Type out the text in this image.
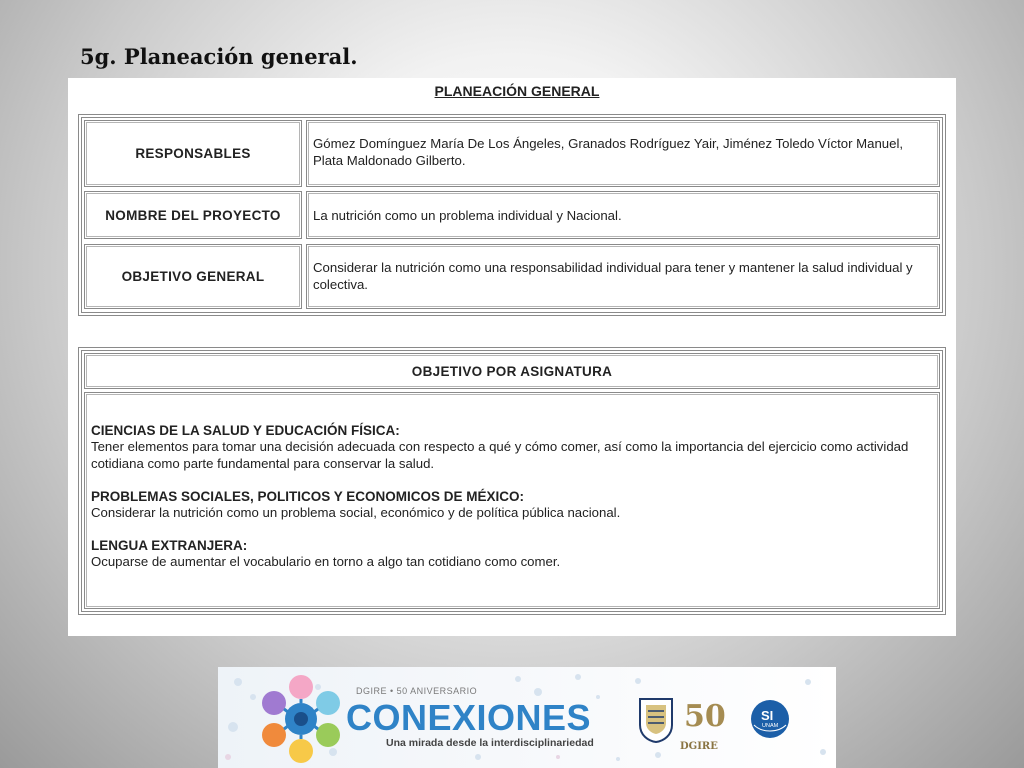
5g. Planeación general.
PLANEACIÓN GENERAL
RESPONSABLES
Gómez Domínguez María De Los Ángeles, Granados Rodríguez Yair, Jiménez Toledo Víctor Manuel, Plata Maldonado Gilberto.
NOMBRE DEL PROYECTO La nutrición como un problema individual y Nacional.
OBJETIVO GENERAL
Considerar la nutrición como una responsabilidad individual para tener y mantener la salud individual y colectiva.
OBJETIVO POR ASIGNATURA
CIENCIAS DE LA SALUD Y EDUCACIÓN FÍSICA:
Tener elementos para tomar una decisión adecuada con respecto a qué y cómo comer, así como la importancia del ejercicio como actividad cotidiana como parte fundamental para conservar la salud.
PROBLEMAS SOCIALES, POLITICOS Y ECONOMICOS DE MÉXICO:
Considerar la nutrición como un problema social, económico y de política pública nacional.
LENGUA EXTRANJERA:
Ocuparse de aumentar el vocabulario en torno a algo tan cotidiano como comer.
DGIRE • 50 ANIVERSARIO
CONEXIONES
Una mirada desde la interdisciplinariedad
50
DGIRE
SI
UNAM
